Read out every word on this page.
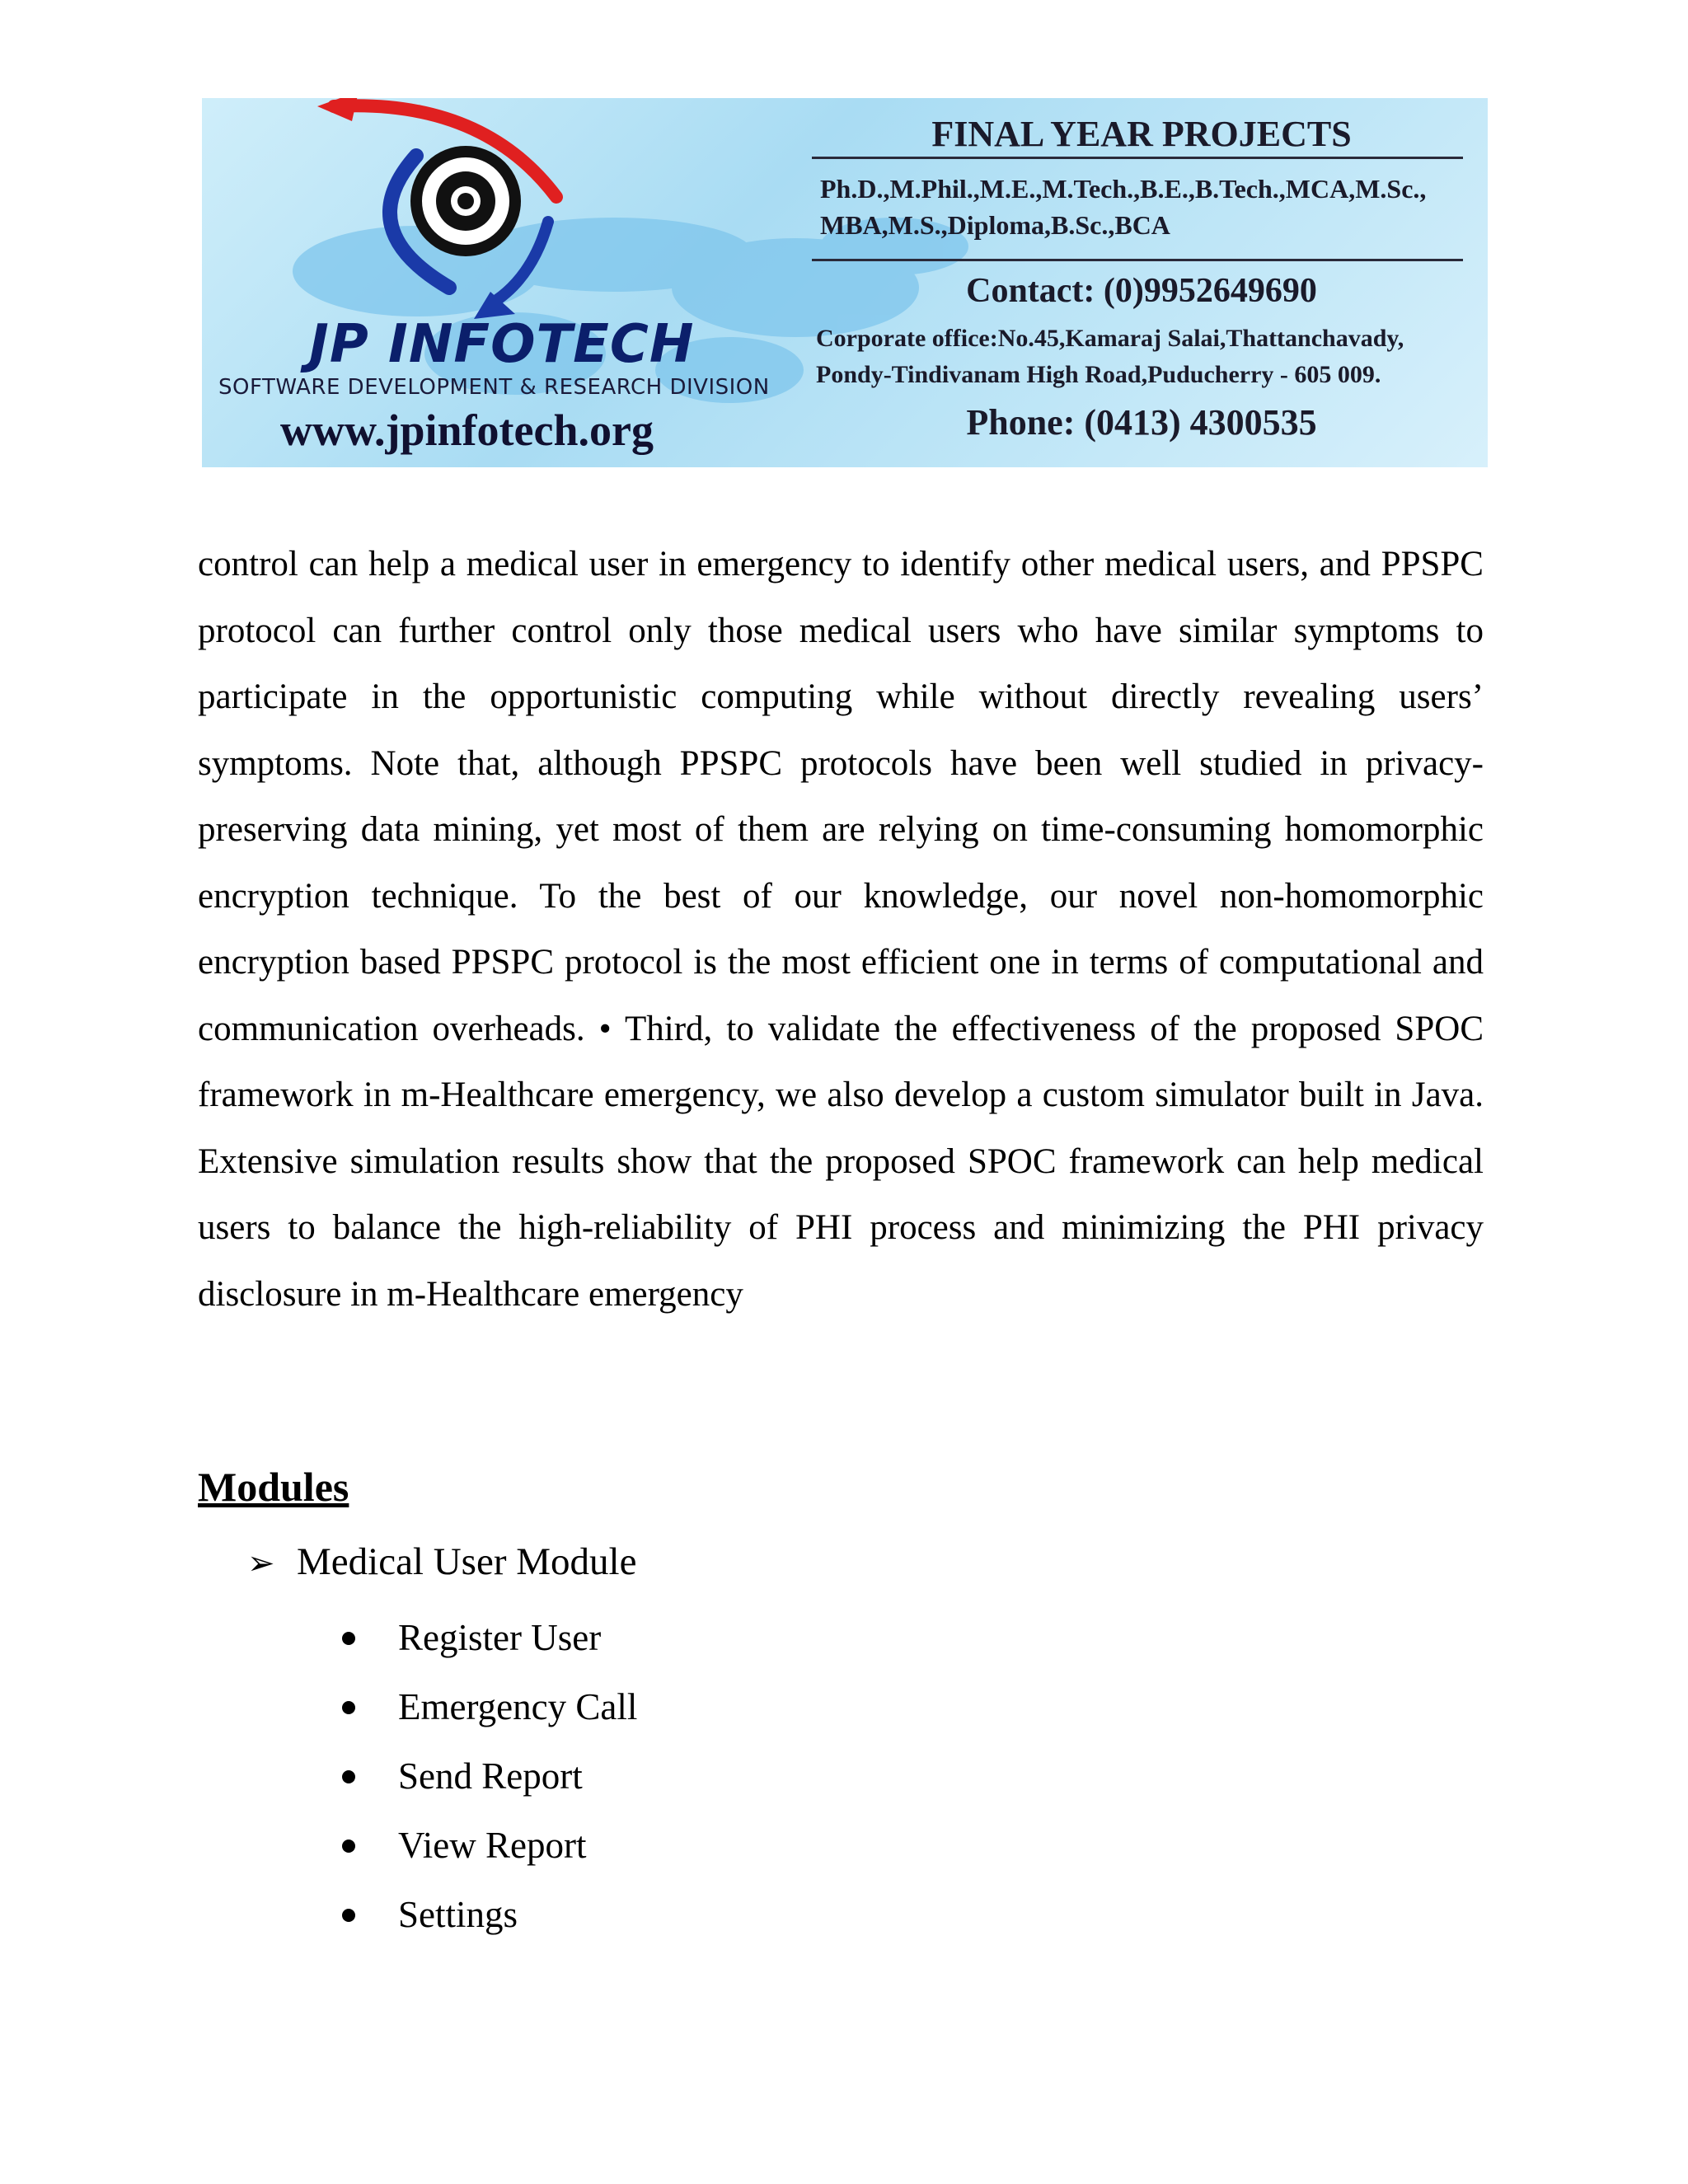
JP INFOTECH
SOFTWARE DEVELOPMENT & RESEARCH DIVISION
www.jpinfotech.org
FINAL YEAR PROJECTS
Ph.D.,M.Phil.,M.E.,M.Tech.,B.E.,B.Tech.,MCA,M.Sc., MBA,M.S.,Diploma,B.Sc.,BCA
Contact: (0)9952649690
Corporate office:No.45,Kamaraj Salai,Thattanchavady, Pondy-Tindivanam High Road,Puducherry - 605 009.
Phone: (0413) 4300535

control can help a medical user in emergency to identify other medical users, and PPSPC protocol can further control only those medical users who have similar symptoms to participate in the opportunistic computing while without directly revealing users’ symptoms. Note that, although PPSPC protocols have been well studied in privacy-preserving data mining, yet most of them are relying on time-consuming homomorphic encryption technique. To the best of our knowledge, our novel non-homomorphic encryption based PPSPC protocol is the most efficient one in terms of computational and communication overheads. • Third, to validate the effectiveness of the proposed SPOC framework in m-Healthcare emergency, we also develop a custom simulator built in Java. Extensive simulation results show that the proposed SPOC framework can help medical users to balance the high-reliability of PHI process and minimizing the PHI privacy disclosure in m-Healthcare emergency

Modules
➢ Medical User Module
Register User
Emergency Call
Send Report
View Report
Settings
